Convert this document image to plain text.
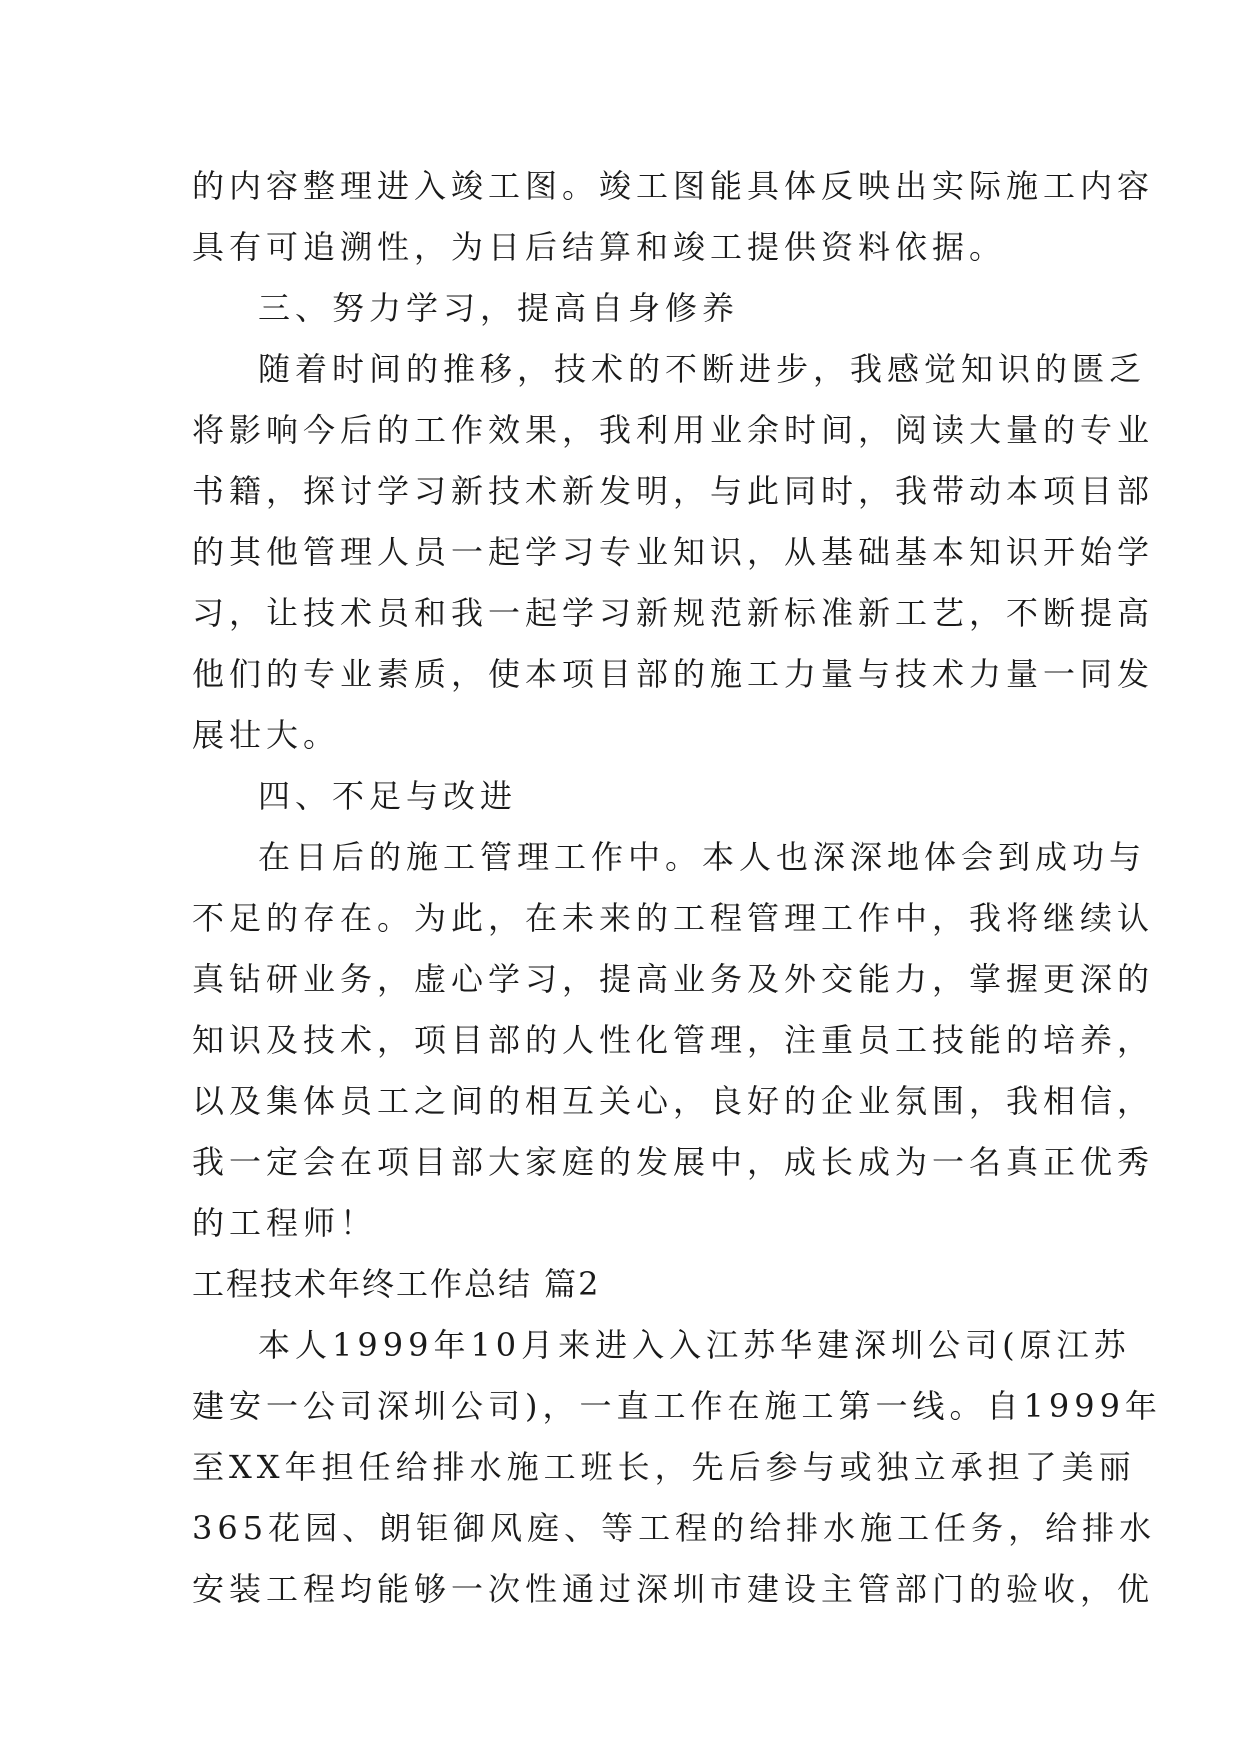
的内容整理进入竣工图。竣工图能具体反映出实际施工内容
具有可追溯性，为日后结算和竣工提供资料依据。
三、努力学习，提高自身修养
随着时间的推移，技术的不断进步，我感觉知识的匮乏
将影响今后的工作效果，我利用业余时间，阅读大量的专业
书籍，探讨学习新技术新发明，与此同时，我带动本项目部
的其他管理人员一起学习专业知识，从基础基本知识开始学
习，让技术员和我一起学习新规范新标准新工艺，不断提高
他们的专业素质，使本项目部的施工力量与技术力量一同发
展壮大。
四、不足与改进
在日后的施工管理工作中。本人也深深地体会到成功与
不足的存在。为此，在未来的工程管理工作中，我将继续认
真钻研业务，虚心学习，提高业务及外交能力，掌握更深的
知识及技术，项目部的人性化管理，注重员工技能的培养，
以及集体员工之间的相互关心，良好的企业氛围，我相信，
我一定会在项目部大家庭的发展中，成长成为一名真正优秀
的工程师！
工程技术年终工作总结 篇2
本人1999年10月来进入入江苏华建深圳公司(原江苏
建安一公司深圳公司)，一直工作在施工第一线。自1999年
至XX年担任给排水施工班长，先后参与或独立承担了美丽
365花园、朗钜御风庭、等工程的给排水施工任务，给排水
安装工程均能够一次性通过深圳市建设主管部门的验收，优
